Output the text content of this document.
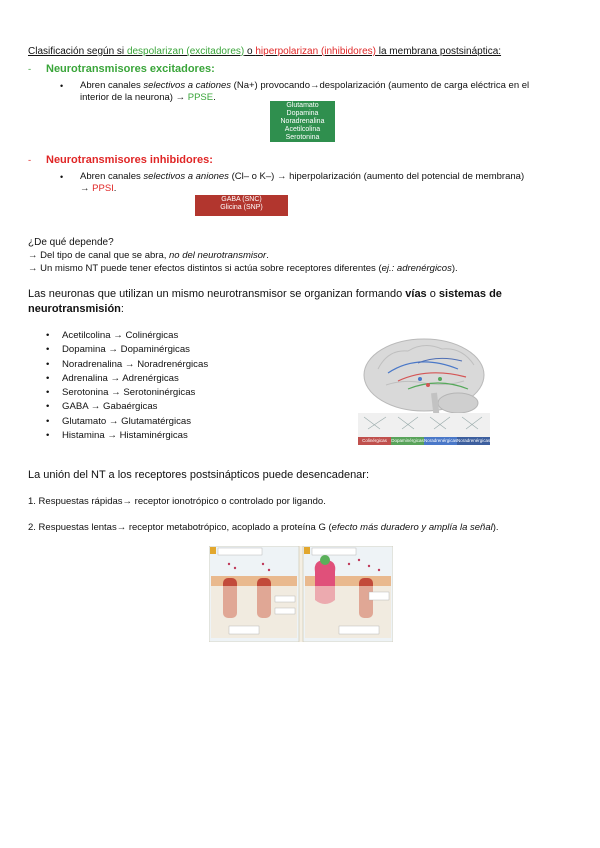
Clasificación según si despolarizan (excitadores) o hiperpolarizan (inhibidores) la membrana postsináptica:
- Neurotransmisores excitadores:
• Abren canales selectivos a cationes (Na+) provocando→despolarización (aumento de carga eléctrica en el
interior de la neurona) → PPSE.
Glutamato
Dopamina
Noradrenalina
Acetilcolina
Serotonina
- Neurotransmisores inhibidores:
• Abren canales selectivos a aniones (Cl– o K–) → hiperpolarización (aumento del potencial de membrana)
→ PPSI.
GABA (SNC)
Glicina (SNP)
¿De qué depende?
→ Del tipo de canal que se abra, no del neurotransmisor.
→ Un mismo NT puede tener efectos distintos si actúa sobre receptores diferentes (ej.: adrenérgicos).
Las neuronas que utilizan un mismo neurotransmisor se organizan formando vías o sistemas de
neurotransmisión:
• Acetilcolina → Colinérgicas
• Dopamina → Dopaminérgicas
• Noradrenalina → Noradrenérgicas
• Adrenalina → Adrenérgicas
• Serotonina → Serotoninérgicas
• GABA → Gabaérgicas
• Glutamato → Glutamatérgicas
• Histamina → Histaminérgicas	Colinérgicas Dopaminérgicas Noradrenérgicas Noradrenérgicas
La unión del NT a los receptores postsinápticos puede desencadenar:
1. Respuestas rápidas→ receptor ionotrópico o controlado por ligando.
2. Respuestas lentas→ receptor metabotrópico, acoplado a proteína G (efecto más duradero y amplía la señal).
